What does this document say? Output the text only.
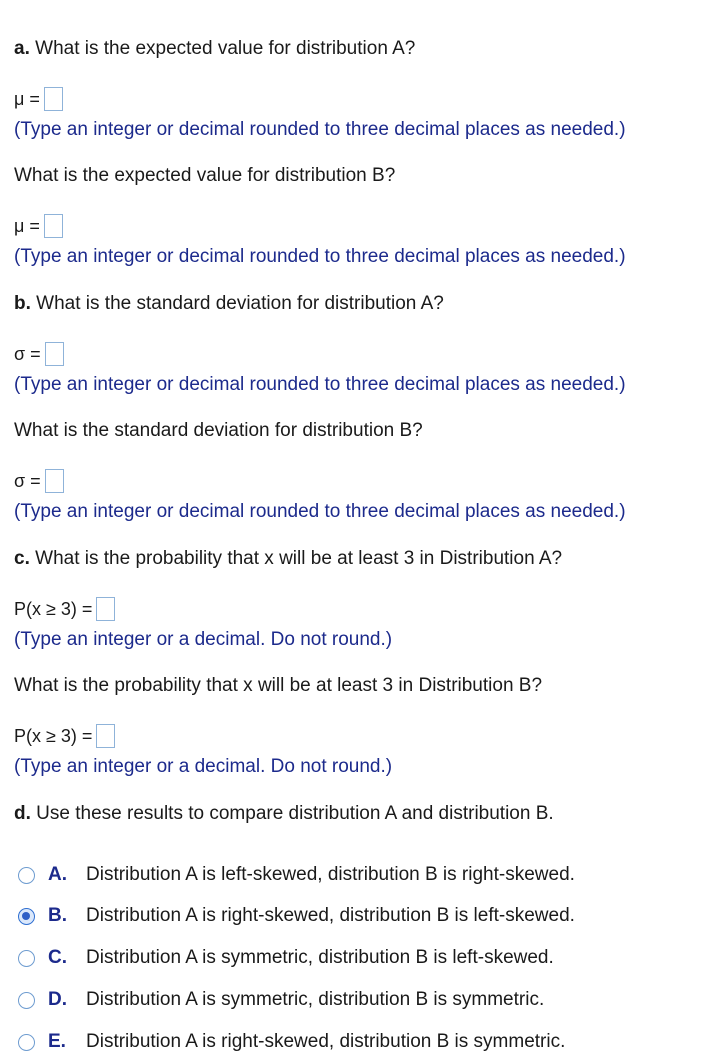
a. What is the expected value for distribution A?
μ =
(Type an integer or decimal rounded to three decimal places as needed.)
What is the expected value for distribution B?
μ =
(Type an integer or decimal rounded to three decimal places as needed.)
b. What is the standard deviation for distribution A?
σ =
(Type an integer or decimal rounded to three decimal places as needed.)
What is the standard deviation for distribution B?
σ =
(Type an integer or decimal rounded to three decimal places as needed.)
c. What is the probability that x will be at least 3 in Distribution A?
P(x ≥ 3) =
(Type an integer or a decimal. Do not round.)
What is the probability that x will be at least 3 in Distribution B?
P(x ≥ 3) =
(Type an integer or a decimal. Do not round.)
d. Use these results to compare distribution A and distribution B.
A.	Distribution A is left-skewed, distribution B is right-skewed.
B.	Distribution A is right-skewed, distribution B is left-skewed.
C.	Distribution A is symmetric, distribution B is left-skewed.
D.	Distribution A is symmetric, distribution B is symmetric.
E.	Distribution A is right-skewed, distribution B is symmetric.
